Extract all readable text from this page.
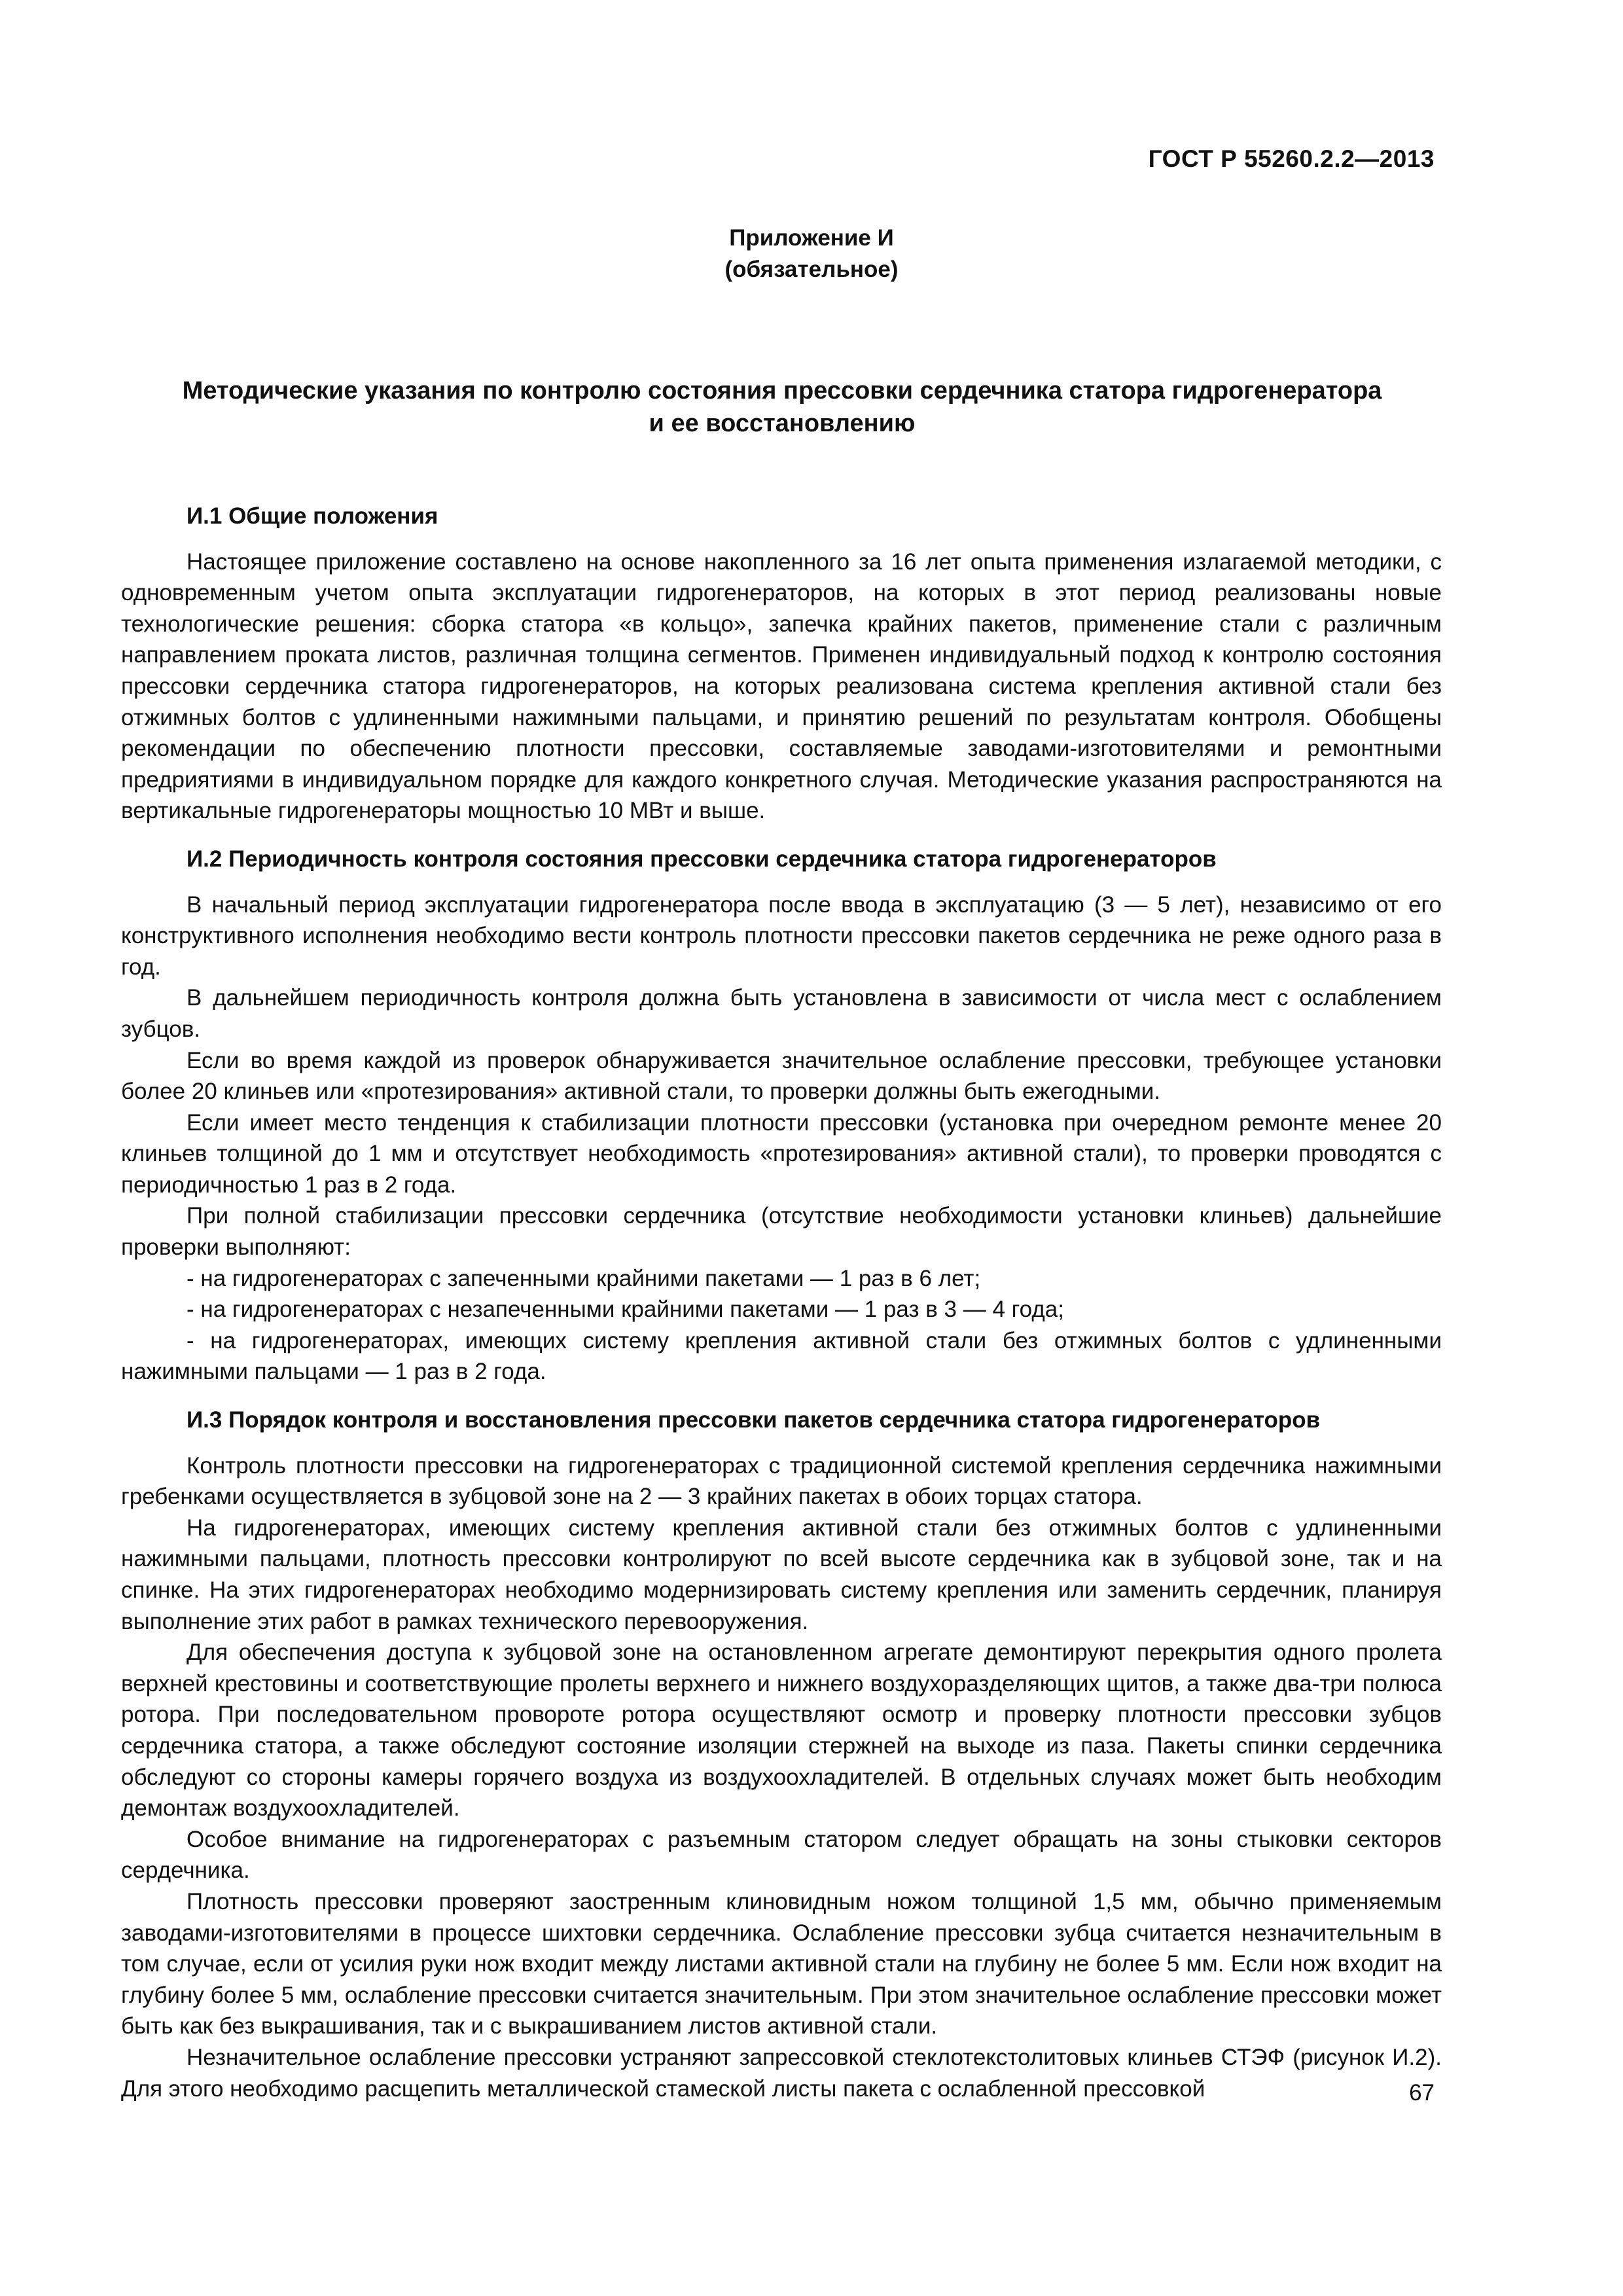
ГОСТ Р 55260.2.2—2013
Приложение И
(обязательное)
Методические указания по контролю состояния прессовки сердечника статора гидрогенератора
и ее восстановлению
И.1 Общие положения

Настоящее приложение составлено на основе накопленного за 16 лет опыта применения излагаемой методики, с одновременным учетом опыта эксплуатации гидрогенераторов, на которых в этот период реализованы новые технологические решения: сборка статора «в кольцо», запечка крайних пакетов, применение стали с различным направлением проката листов, различная толщина сегментов. Применен индивидуальный подход к контролю состояния прессовки сердечника статора гидрогенераторов, на которых реализована система крепления активной стали без отжимных болтов с удлиненными нажимными пальцами, и принятию решений по результатам контроля. Обобщены рекомендации по обеспечению плотности прессовки, составляемые заводами-изготовителями и ремонтными предриятиями в индивидуальном порядке для каждого конкретного случая. Методические указания распространяются на вертикальные гидрогенераторы мощностью 10 МВт и выше.

И.2 Периодичность контроля состояния прессовки сердечника статора гидрогенераторов

В начальный период эксплуатации гидрогенератора после ввода в эксплуатацию (3 — 5 лет), независимо от его конструктивного исполнения необходимо вести контроль плотности прессовки пакетов сердечника не реже одного раза в год.

В дальнейшем периодичность контроля должна быть установлена в зависимости от числа мест с ослаблением зубцов.

Если во время каждой из проверок обнаруживается значительное ослабление прессовки, требующее установки более 20 клиньев или «протезирования» активной стали, то проверки должны быть ежегодными.

Если имеет место тенденция к стабилизации плотности прессовки (установка при очередном ремонте менее 20 клиньев толщиной до 1 мм и отсутствует необходимость «протезирования» активной стали), то проверки проводятся с периодичностью 1 раз в 2 года.

При полной стабилизации прессовки сердечника (отсутствие необходимости установки клиньев) дальнейшие проверки выполняют:

- на гидрогенераторах с запеченными крайними пакетами — 1 раз в 6 лет;

- на гидрогенераторах с незапеченными крайними пакетами — 1 раз в 3 — 4 года;

- на гидрогенераторах, имеющих систему крепления активной стали без отжимных болтов с удлиненными нажимными пальцами — 1 раз в 2 года.

И.3 Порядок контроля и восстановления прессовки пакетов сердечника статора гидрогенераторов

Контроль плотности прессовки на гидрогенераторах с традиционной системой крепления сердечника нажимными гребенками осуществляется в зубцовой зоне на 2 — 3 крайних пакетах в обоих торцах статора.

На гидрогенераторах, имеющих систему крепления активной стали без отжимных болтов с удлиненными нажимными пальцами, плотность прессовки контролируют по всей высоте сердечника как в зубцовой зоне, так и на спинке. На этих гидрогенераторах необходимо модернизировать систему крепления или заменить сердечник, планируя выполнение этих работ в рамках технического перевооружения.

Для обеспечения доступа к зубцовой зоне на остановленном агрегате демонтируют перекрытия одного пролета верхней крестовины и соответствующие пролеты верхнего и нижнего воздухоразделяющих щитов, а также два-три полюса ротора. При последовательном провороте ротора осуществляют осмотр и проверку плотности прессовки зубцов сердечника статора, а также обследуют состояние изоляции стержней на выходе из паза. Пакеты спинки сердечника обследуют со стороны камеры горячего воздуха из воздухоохладителей. В отдельных случаях может быть необходим демонтаж воздухоохладителей.

Особое внимание на гидрогенераторах с разъемным статором следует обращать на зоны стыковки секторов сердечника.

Плотность прессовки проверяют заостренным клиновидным ножом толщиной 1,5 мм, обычно применяемым заводами-изготовителями в процессе шихтовки сердечника. Ослабление прессовки зубца считается незначительным в том случае, если от усилия руки нож входит между листами активной стали на глубину не более 5 мм. Если нож входит на глубину более 5 мм, ослабление прессовки считается значительным. При этом значительное ослабление прессовки может быть как без выкрашивания, так и с выкрашиванием листов активной стали.

Незначительное ослабление прессовки устраняют запрессовкой стеклотекстолитовых клиньев СТЭФ (рисунок И.2). Для этого необходимо расщепить металлической стамеской листы пакета с ослабленной прессовкой	67
